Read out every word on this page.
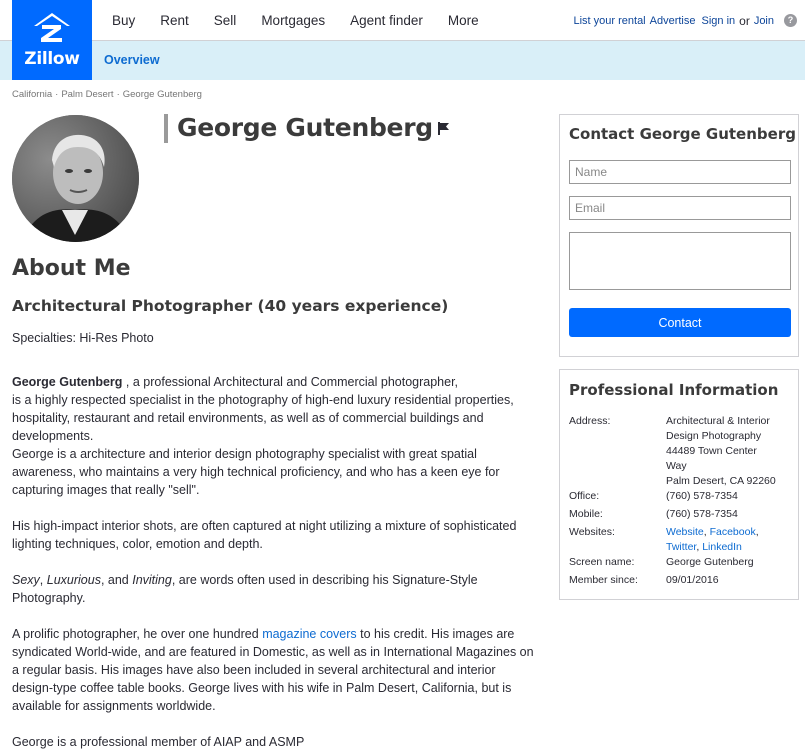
Buy Rent Sell Mortgages Agent finder More	List your rental Advertise Sign in or Join	?
Overview
Zillow
California · Palm Desert · George Gutenberg
George Gutenberg
About Me
Architectural Photographer (40 years experience)
Specialties: Hi-Res Photo
George Gutenberg , a professional Architectural and Commercial photographer,
is a highly respected specialist in the photography of high-end luxury residential properties, hospitality, restaurant and retail environments, as well as of commercial buildings and developments.
George is a architecture and interior design photography specialist with great spatial awareness, who maintains a very high technical proficiency, and who has a keen eye for capturing images that really "sell".
His high-impact interior shots, are often captured at night utilizing a mixture of sophisticated lighting techniques, color, emotion and depth.
Sexy, Luxurious, and Inviting, are words often used in describing his Signature-Style Photography.
A prolific photographer, he over one hundred magazine covers to his credit. His images are syndicated World-wide, and are featured in Domestic, as well as in International Magazines on a regular basis. His images have also been included in several architectural and interior design-type coffee table books. George lives with his wife in Palm Desert, California, but is available for assignments worldwide.
George is a professional member of AIAP and ASMP
Contact George Gutenberg
Name
Email
Contact
Professional Information
Address:	Architectural & Interior
Design Photography
44489 Town Center
Way
Palm Desert, CA 92260
Office:	(760) 578-7354
Mobile:	(760) 578-7354
Websites:	Website, Facebook,
Twitter, LinkedIn
Screen name:	George Gutenberg
Member since:	09/01/2016
